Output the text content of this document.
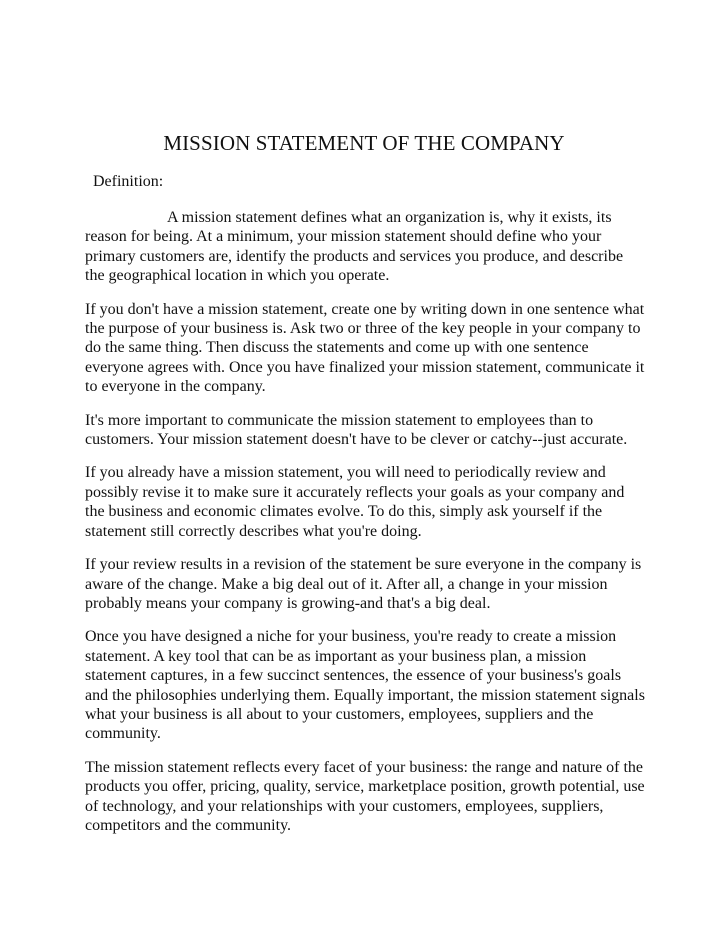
MISSION STATEMENT OF THE COMPANY
Definition:

A mission statement defines what an organization is, why it exists, its reason for being. At a minimum, your mission statement should define who your primary customers are, identify the products and services you produce, and describe the geographical location in which you operate.

If you don't have a mission statement, create one by writing down in one sentence what the purpose of your business is. Ask two or three of the key people in your company to do the same thing. Then discuss the statements and come up with one sentence everyone agrees with. Once you have finalized your mission statement, communicate it to everyone in the company.

It's more important to communicate the mission statement to employees than to customers. Your mission statement doesn't have to be clever or catchy--just accurate.

If you already have a mission statement, you will need to periodically review and possibly revise it to make sure it accurately reflects your goals as your company and the business and economic climates evolve. To do this, simply ask yourself if the statement still correctly describes what you're doing.

If your review results in a revision of the statement be sure everyone in the company is aware of the change. Make a big deal out of it. After all, a change in your mission probably means your company is growing-and that's a big deal.

Once you have designed a niche for your business, you're ready to create a mission statement. A key tool that can be as important as your business plan, a mission statement captures, in a few succinct sentences, the essence of your business's goals and the philosophies underlying them. Equally important, the mission statement signals what your business is all about to your customers, employees, suppliers and the community.

The mission statement reflects every facet of your business: the range and nature of the products you offer, pricing, quality, service, marketplace position, growth potential, use of technology, and your relationships with your customers, employees, suppliers, competitors and the community.
